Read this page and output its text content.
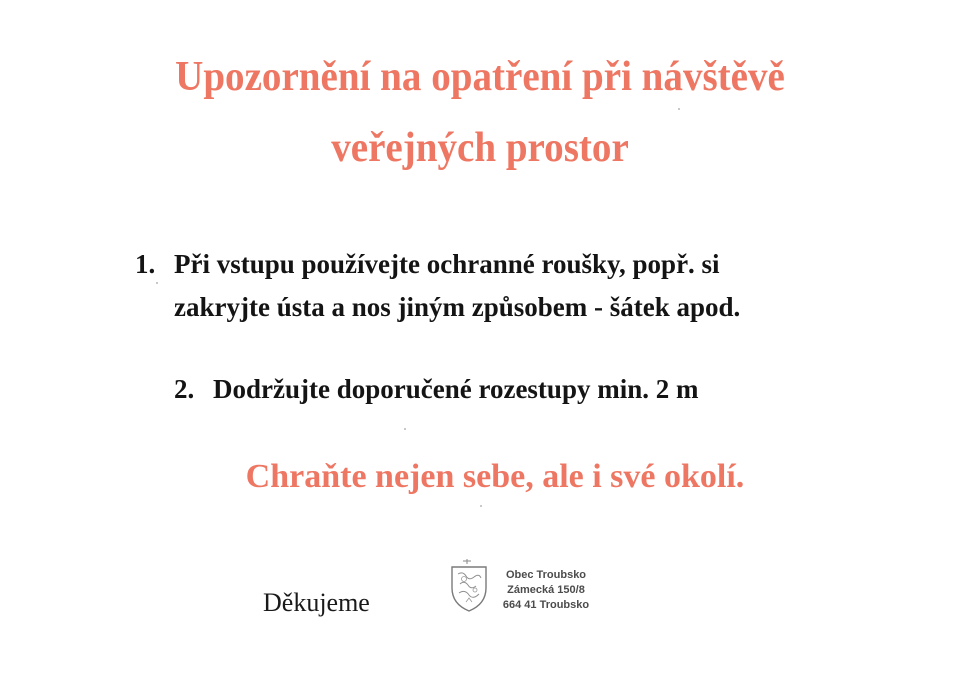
Upozornění na opatření při návštěvě
veřejných prostor
1. Při vstupu používejte ochranné roušky, popř. si
zakryjte ústa a nos jiným způsobem - šátek apod.
2. Dodržujte doporučené rozestupy min. 2 m
Chraňte nejen sebe, ale i své okolí.
Děkujeme
Obec Troubsko
Zámecká 150/8
664 41 Troubsko
